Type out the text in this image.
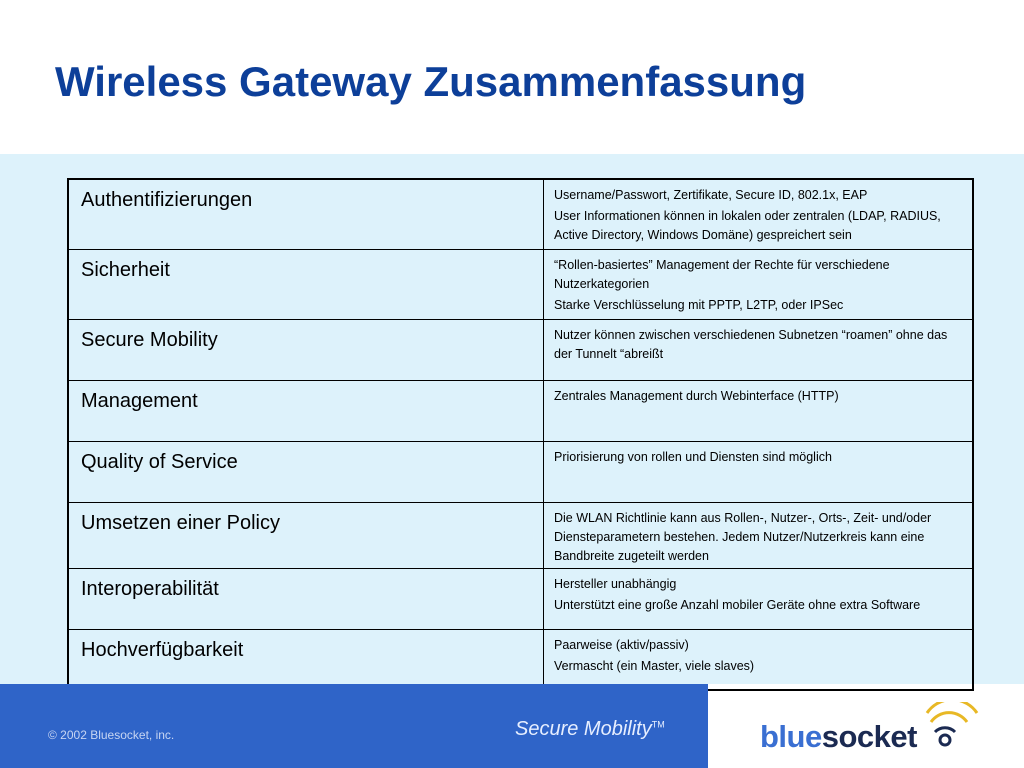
Wireless Gateway Zusammenfassung
Authentifizierungen	Username/Passwort, Zertifikate, Secure ID, 802.1x, EAP

User Informationen können in lokalen oder zentralen (LDAP, RADIUS, Active Directory, Windows Domäne) gespreichert sein

Sicherheit	“Rollen-basiertes” Management der Rechte für verschiedene Nutzerkategorien

Starke Verschlüsselung mit PPTP, L2TP, oder IPSec

Secure Mobility	Nutzer können zwischen verschiedenen Subnetzen “roamen” ohne das der Tunnelt “abreißt

Management	Zentrales Management durch Webinterface (HTTP)

Quality of Service	Priorisierung von rollen und Diensten sind möglich

Umsetzen einer Policy	Die WLAN Richtlinie kann aus Rollen-, Nutzer-, Orts-, Zeit- und/oder Diensteparametern bestehen. Jedem Nutzer/Nutzerkreis kann eine Bandbreite zugeteilt werden

Interoperabilität	Hersteller unabhängig

Unterstützt eine große Anzahl mobiler Geräte ohne extra Software

Hochverfügbarkeit	Paarweise (aktiv/passiv)

Vermascht (ein Master, viele slaves)

© 2002 Bluesocket, inc.	Secure Mobility™	blue socket
